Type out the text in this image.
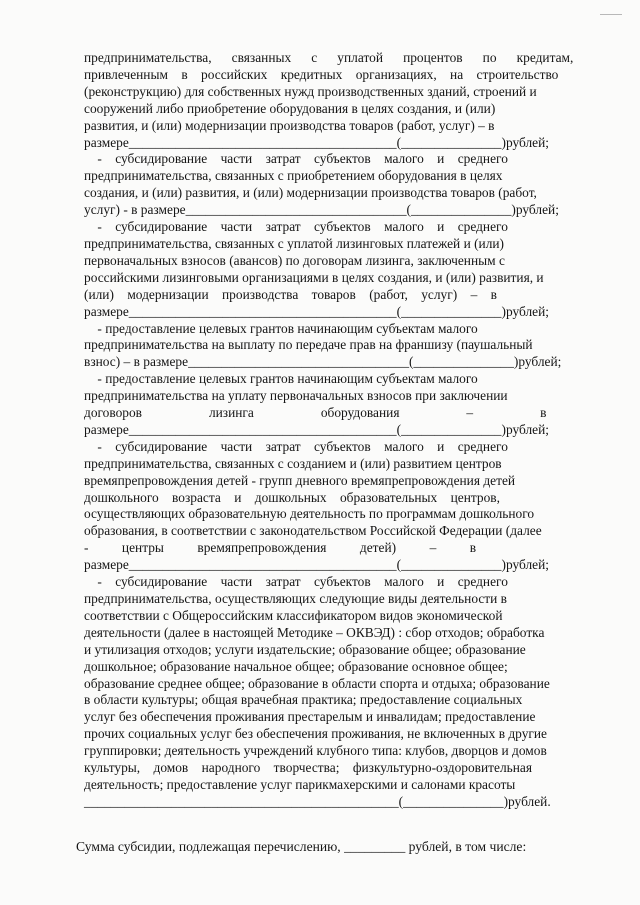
предпринимательства,      связанных      с      уплатой      процентов      по      кредитам,
привлеченным    в    российских    кредитных    организациях,    на    строительство
(реконструкцию) для собственных нужд производственных зданий, строений и
сооружений либо приобретение оборудования в целях создания, и (или)
развития, и (или) модернизации производства товаров (работ, услуг) – в
размере________________________________________(_______________)рублей;
-    субсидирование    части    затрат    субъектов    малого    и    среднего
предпринимательства, связанных с приобретением оборудования в целях
создания, и (или) развития, и (или) модернизации производства товаров (работ,
услуг) - в размере_________________________________(_______________)рублей;
-    субсидирование    части    затрат    субъектов    малого    и    среднего
предпринимательства, связанных с уплатой лизинговых платежей и (или)
первоначальных взносов (авансов) по договорам лизинга, заключенным с
российскими лизинговыми организациями в целях создания, и (или) развития, и
(или)    модернизации    производства    товаров    (работ,    услуг)    –    в
размере________________________________________(_______________)рублей;
- предоставление целевых грантов начинающим субъектам малого
предпринимательства на выплату по передаче прав на франшизу (паушальный
взнос) – в размере_________________________________(_______________)рублей;
- предоставление целевых грантов начинающим субъектам малого
предпринимательства на уплату первоначальных взносов при заключении
договоров                    лизинга                    оборудования                    –                    в
размере________________________________________(_______________)рублей;
-    субсидирование    части    затрат    субъектов    малого    и    среднего
предпринимательства, связанных с созданием и (или) развитием центров
времяпрепровождения детей - групп дневного времяпрепровождения детей
дошкольного    возраста    и    дошкольных    образовательных    центров,
осуществляющих образовательную деятельность по программам дошкольного
образования, в соответствии с законодательством Российской Федерации (далее
-          центры          времяпрепровождения          детей)          –          в
размере________________________________________(_______________)рублей;
-    субсидирование    части    затрат    субъектов    малого    и    среднего
предпринимательства, осуществляющих следующие виды деятельности в
соответствии с Общероссийским классификатором видов экономической
деятельности (далее в настоящей Методике – ОКВЭД) : сбор отходов; обработка
и утилизация отходов; услуги издательские; образование общее; образование
дошкольное; образование начальное общее; образование основное общее;
образование среднее общее; образование в области спорта и отдыха; образование
в области культуры; общая врачебная практика; предоставление социальных
услуг без обеспечения проживания престарелым и инвалидам; предоставление
прочих социальных услуг без обеспечения проживания, не включенных в другие
группировки; деятельность учреждений клубного типа: клубов, дворцов и домов
культуры,    домов    народного    творчества;    физкультурно-оздоровительная
деятельность; предоставление услуг парикмахерскими и салонами красоты
_______________________________________________(_______________)рублей.
Сумма субсидии, подлежащая перечислению, _________ рублей, в том числе:
